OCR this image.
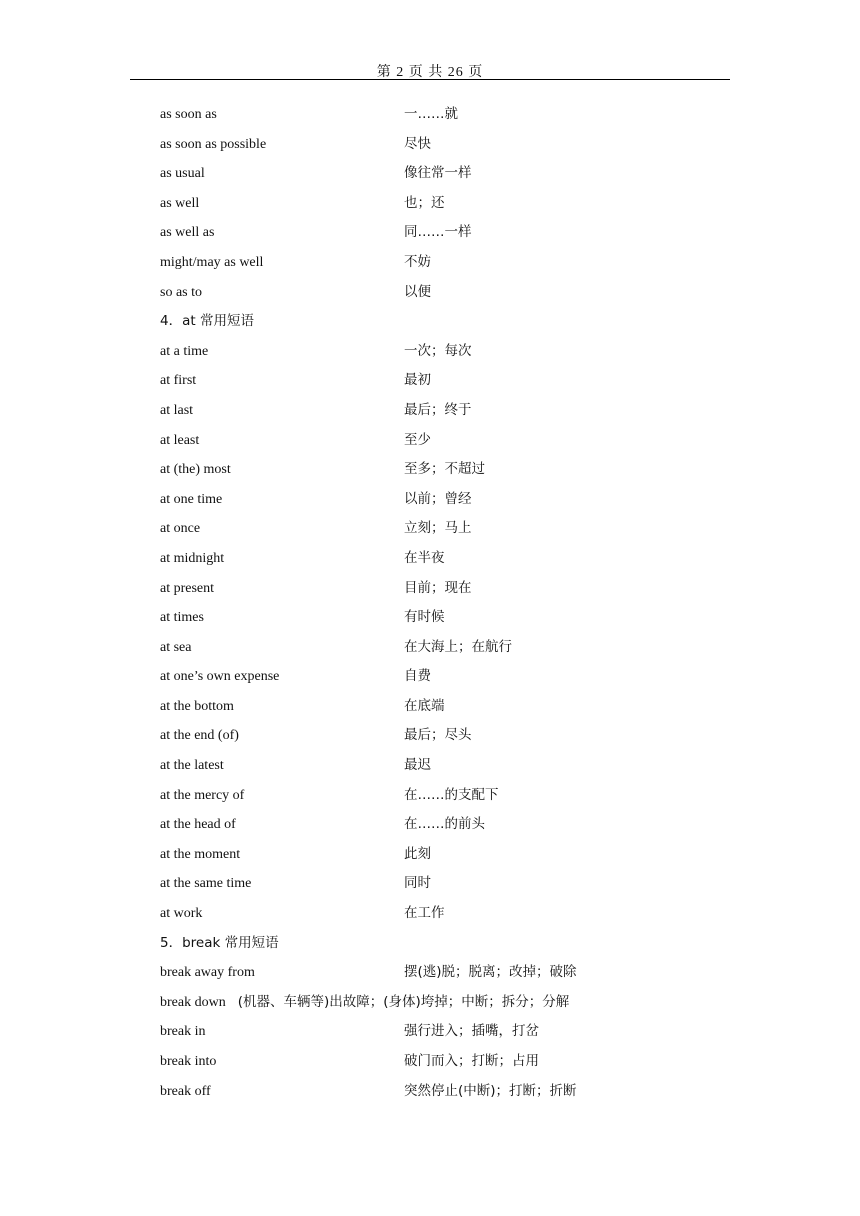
第 2 页 共 26 页
as soon as	一……就
as soon as possible	尽快
as usual	像往常一样
as well	也；还
as well as	同……一样
might/may as well	不妨
so as to	以便
4．at 常用短语
at a time	一次；每次
at first	最初
at last	最后；终于
at least	至少
at (the) most	至多；不超过
at one time	以前；曾经
at once	立刻；马上
at midnight	在半夜
at present	目前；现在
at times	有时候
at sea	在大海上；在航行
at one’s own expense	自费
at the bottom	在底端
at the end (of)	最后；尽头
at the latest	最迟
at the mercy of	在……的支配下
at the head of	在……的前头
at the moment	此刻
at the same time	同时
at work	在工作
5．break 常用短语
break away from	摆(逃)脱；脱离；改掉；破除
break down (机器、车辆等)出故障；(身体)垮掉；中断；拆分；分解
break in	强行进入；插嘴，打岔
break into	破门而入；打断；占用
break off	突然停止(中断)；打断；折断
